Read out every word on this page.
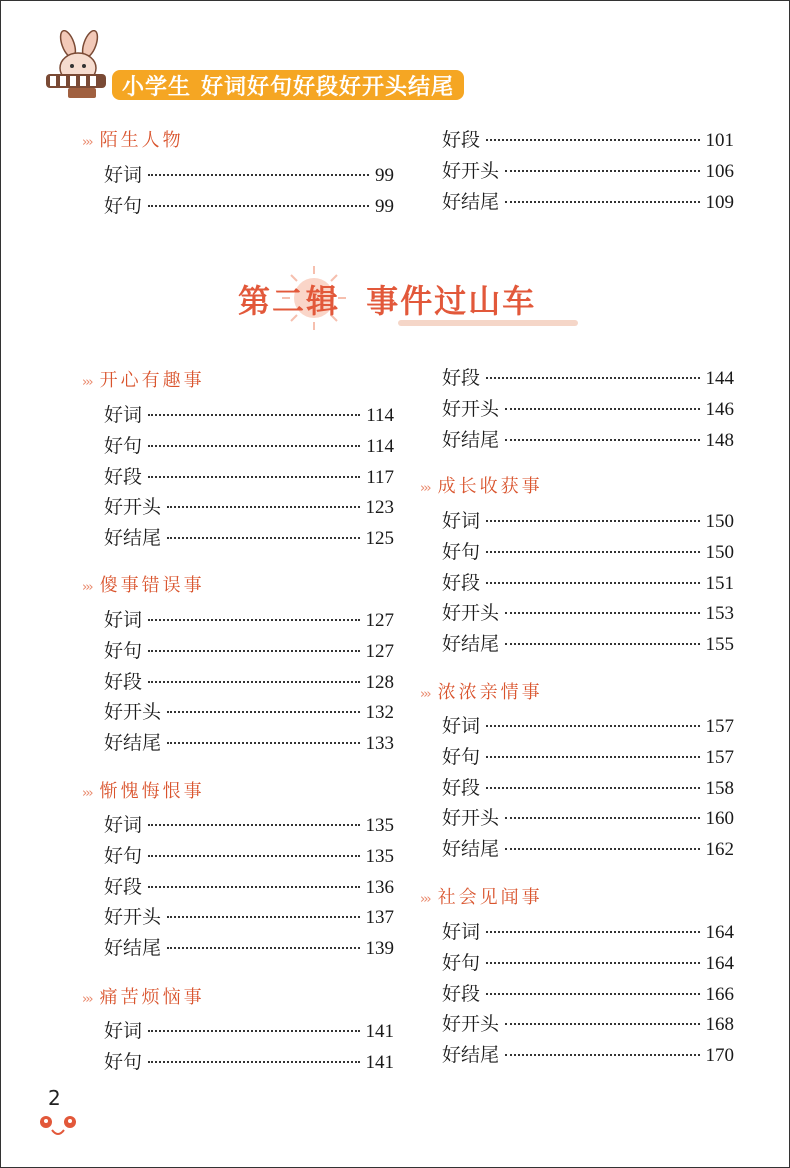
小学生 好词好句好段好开头结尾
第二辑  事件过山车
››› 陌生人物
好词	99
好句	99
好段	101
好开头	106
好结尾	109
››› 开心有趣事
好词	114
好句	114
好段	117
好开头	123
好结尾	125
››› 傻事错误事
好词	127
好句	127
好段	128
好开头	132
好结尾	133
››› 惭愧悔恨事
好词	135
好句	135
好段	136
好开头	137
好结尾	139
››› 痛苦烦恼事
好词	141
好句	141
好段	144
好开头	146
好结尾	148
››› 成长收获事
好词	150
好句	150
好段	151
好开头	153
好结尾	155
››› 浓浓亲情事
好词	157
好句	157
好段	158
好开头	160
好结尾	162
››› 社会见闻事
好词	164
好句	164
好段	166
好开头	168
好结尾	170
2
